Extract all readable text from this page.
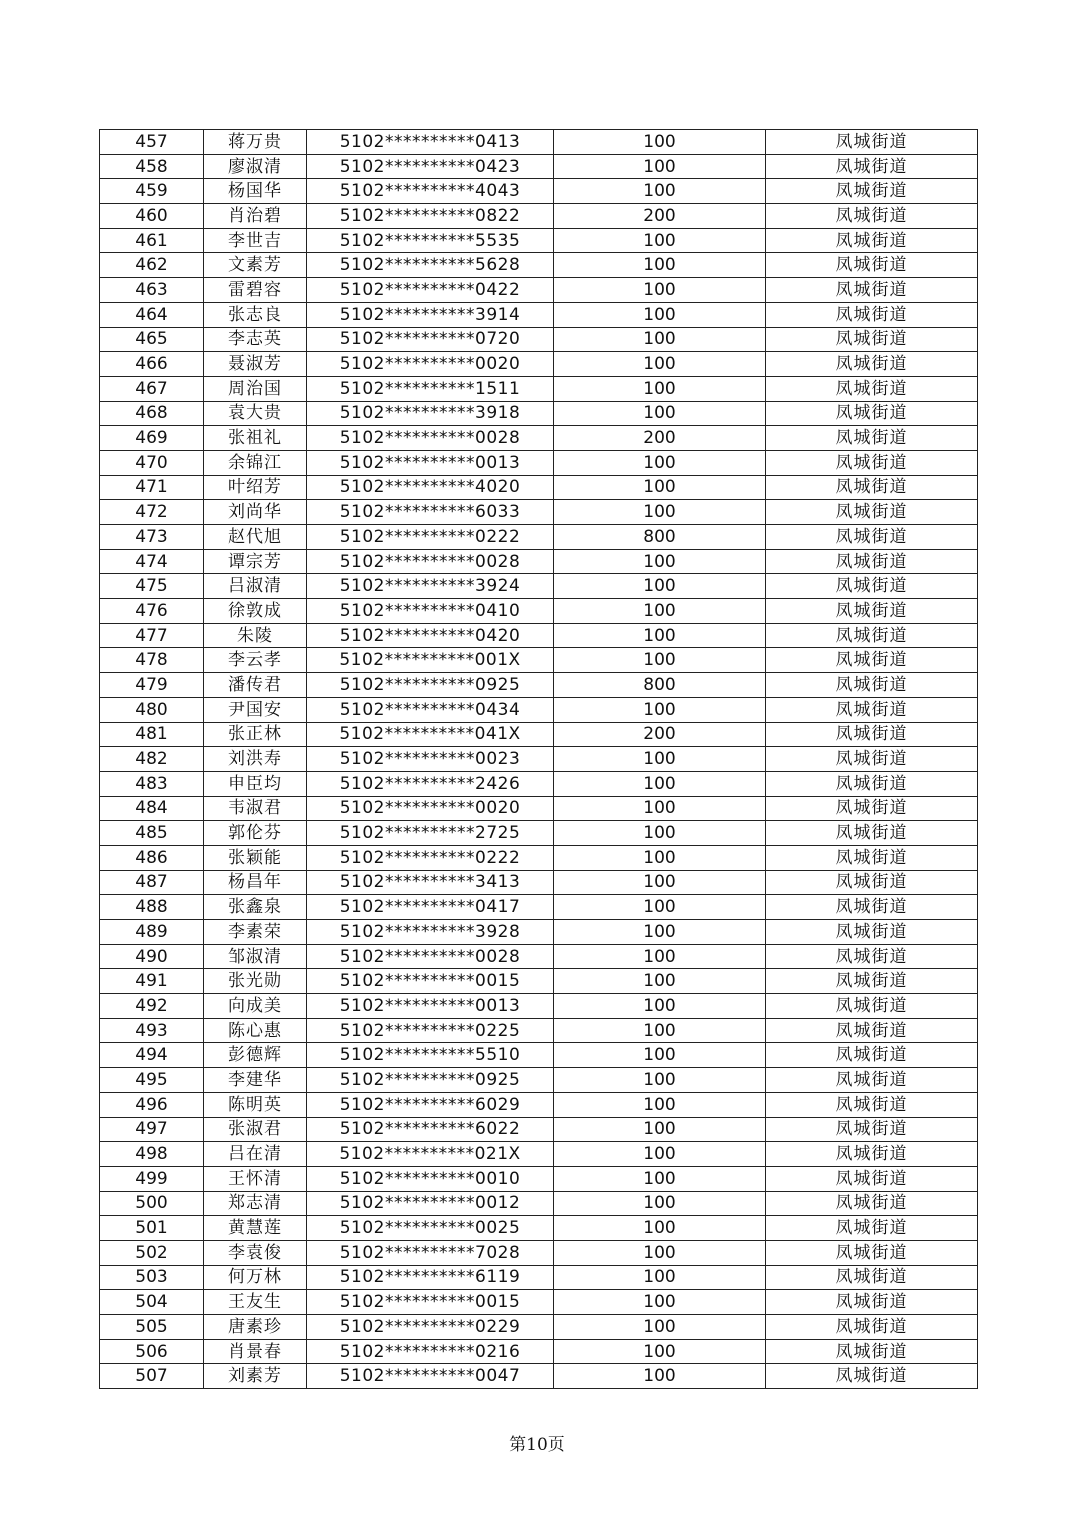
457	蒋万贵	5102**********0413	100	凤城街道
458	廖淑清	5102**********0423	100	凤城街道
459	杨国华	5102**********4043	100	凤城街道
460	肖治碧	5102**********0822	200	凤城街道
461	李世吉	5102**********5535	100	凤城街道
462	文素芳	5102**********5628	100	凤城街道
463	雷碧容	5102**********0422	100	凤城街道
464	张志良	5102**********3914	100	凤城街道
465	李志英	5102**********0720	100	凤城街道
466	聂淑芳	5102**********0020	100	凤城街道
467	周治国	5102**********1511	100	凤城街道
468	袁大贵	5102**********3918	100	凤城街道
469	张祖礼	5102**********0028	200	凤城街道
470	余锦江	5102**********0013	100	凤城街道
471	叶绍芳	5102**********4020	100	凤城街道
472	刘尚华	5102**********6033	100	凤城街道
473	赵代旭	5102**********0222	800	凤城街道
474	谭宗芳	5102**********0028	100	凤城街道
475	吕淑清	5102**********3924	100	凤城街道
476	徐敦成	5102**********0410	100	凤城街道
477	朱陵	5102**********0420	100	凤城街道
478	李云孝	5102**********001X	100	凤城街道
479	潘传君	5102**********0925	800	凤城街道
480	尹国安	5102**********0434	100	凤城街道
481	张正林	5102**********041X	200	凤城街道
482	刘洪寿	5102**********0023	100	凤城街道
483	申臣均	5102**********2426	100	凤城街道
484	韦淑君	5102**********0020	100	凤城街道
485	郭伦芬	5102**********2725	100	凤城街道
486	张颖能	5102**********0222	100	凤城街道
487	杨昌年	5102**********3413	100	凤城街道
488	张鑫泉	5102**********0417	100	凤城街道
489	李素荣	5102**********3928	100	凤城街道
490	邹淑清	5102**********0028	100	凤城街道
491	张光勋	5102**********0015	100	凤城街道
492	向成美	5102**********0013	100	凤城街道
493	陈心惠	5102**********0225	100	凤城街道
494	彭德辉	5102**********5510	100	凤城街道
495	李建华	5102**********0925	100	凤城街道
496	陈明英	5102**********6029	100	凤城街道
497	张淑君	5102**********6022	100	凤城街道
498	吕在清	5102**********021X	100	凤城街道
499	王怀清	5102**********0010	100	凤城街道
500	郑志清	5102**********0012	100	凤城街道
501	黄慧莲	5102**********0025	100	凤城街道
502	李袁俊	5102**********7028	100	凤城街道
503	何万林	5102**********6119	100	凤城街道
504	王友生	5102**********0015	100	凤城街道
505	唐素珍	5102**********0229	100	凤城街道
506	肖景春	5102**********0216	100	凤城街道
507	刘素芳	5102**********0047	100	凤城街道
第10页
